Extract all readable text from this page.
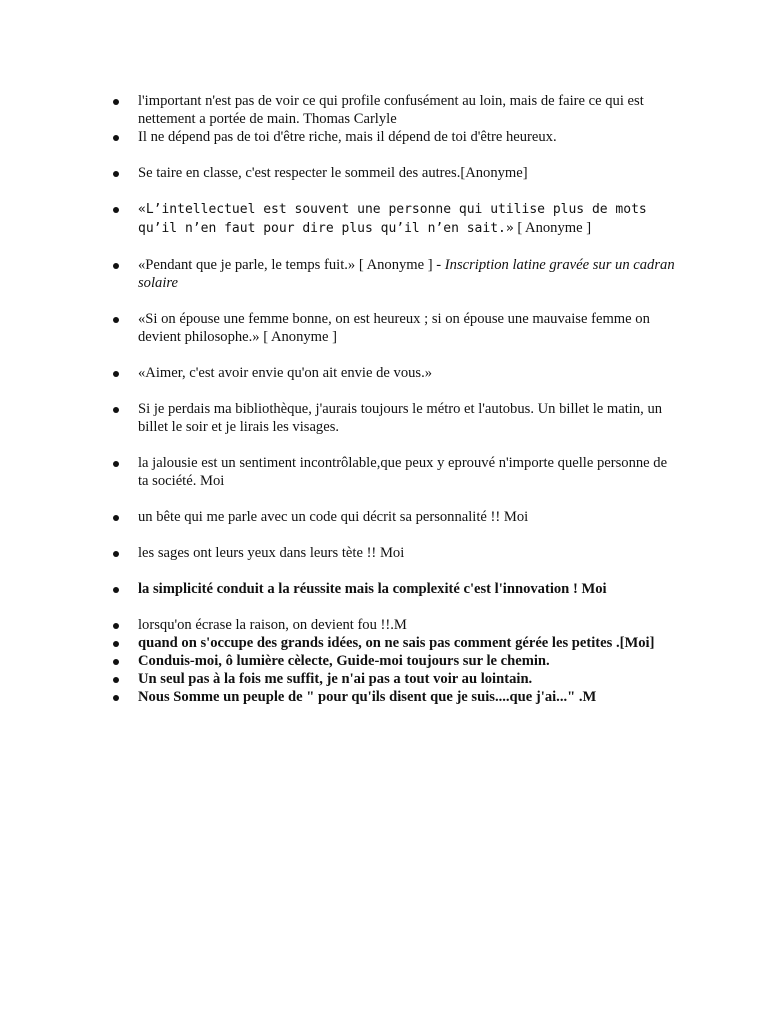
l'important n'est pas de voir ce qui profile confusément au loin, mais de faire ce qui est nettement a portée de main. Thomas Carlyle
Il ne dépend pas de toi d'être riche, mais il dépend de toi d'être heureux.
Se taire en classe, c'est respecter le sommeil des autres.[Anonyme]
«L’intellectuel est souvent une personne qui utilise plus de mots qu’il n’en faut pour dire plus qu’il n’en sait.» [ Anonyme ]
«Pendant que je parle, le temps fuit.» [ Anonyme ] - Inscription latine gravée sur un cadran solaire
«Si on épouse une femme bonne, on est heureux ; si on épouse une mauvaise femme on devient philosophe.» [ Anonyme ]
«Aimer, c'est avoir envie qu'on ait envie de vous.»
Si je perdais ma bibliothèque, j'aurais toujours le métro et l'autobus. Un billet le matin, un billet le soir et je lirais les visages.
la jalousie est un sentiment incontrôlable,que peux y eprouvé n'importe quelle personne de ta société. Moi
un bête qui me parle avec un code qui décrit sa personnalité !! Moi
les sages ont leurs yeux dans leurs tète !! Moi
la simplicité conduit a la réussite mais la complexité c'est l'innovation ! Moi
lorsqu'on écrase la raison, on devient fou !!.M
quand on s'occupe des grands idées, on ne sais pas comment gérée les petites .[Moi]
Conduis-moi, ô lumière cèlecte, Guide-moi toujours sur le chemin.
Un seul pas à la fois me suffit, je n'ai pas a tout voir au lointain.
Nous Somme un peuple de " pour qu'ils disent que je suis....que j'ai..." .M
